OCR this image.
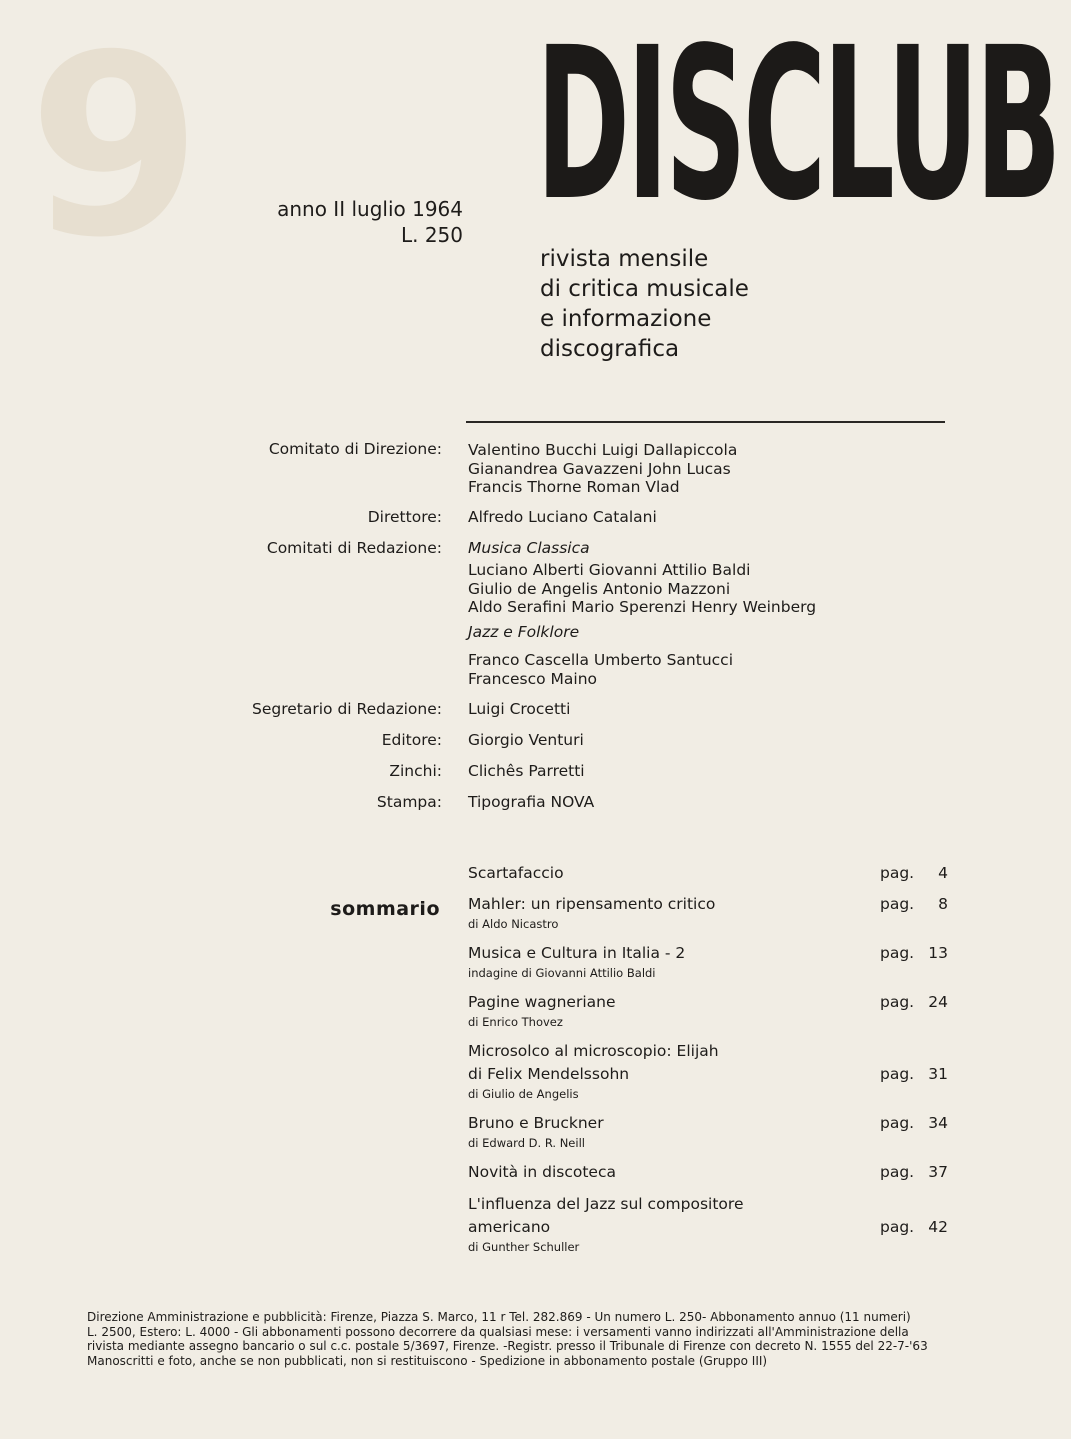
9 DISCLUB
anno II luglio 1964
L. 250
rivista mensile
di critica musicale
e informazione
discografica
Comitato di Direzione: Valentino Bucchi Luigi Dallapiccola
Gianandrea Gavazzeni John Lucas
Francis Thorne Roman Vlad
Direttore: Alfredo Luciano Catalani
Comitati di Redazione: Musica Classica
Luciano Alberti Giovanni Attilio Baldi
Giulio de Angelis Antonio Mazzoni
Aldo Serafini Mario Sperenzi Henry Weinberg
Jazz e Folklore
Franco Cascella Umberto Santucci
Francesco Maino
Segretario di Redazione: Luigi Crocetti
Editore: Giorgio Venturi
Zinchi: Clichês Parretti
Stampa: Tipografia NOVA
sommario
Scartafaccio	pag. 4
Mahler: un ripensamento critico
di Aldo Nicastro
pag. 8
Musica e Cultura in Italia - 2
indagine di Giovanni Attilio Baldi
pag. 13
Pagine wagneriane
di Enrico Thovez
pag. 24
Microsolco al microscopio: Elijah
di Felix Mendelssohn
di Giulio de Angelis
pag. 31
Bruno e Bruckner
di Edward D. R. Neill
pag. 34
Novità in discoteca	pag. 37
L'influenza del Jazz sul compositore
americano
di Gunther Schuller
pag. 42
Direzione Amministrazione e pubblicità: Firenze, Piazza S. Marco, 11 r Tel. 282.869 - Un numero L. 250- Abbonamento annuo (11 numeri)
L. 2500, Estero: L. 4000 - Gli abbonamenti possono decorrere da qualsiasi mese: i versamenti vanno indirizzati all'Amministrazione della
rivista mediante assegno bancario o sul c.c. postale 5/3697, Firenze. -Registr. presso il Tribunale di Firenze con decreto N. 1555 del 22-7-'63
Manoscritti e foto, anche se non pubblicati, non si restituiscono - Spedizione in abbonamento postale (Gruppo III)
